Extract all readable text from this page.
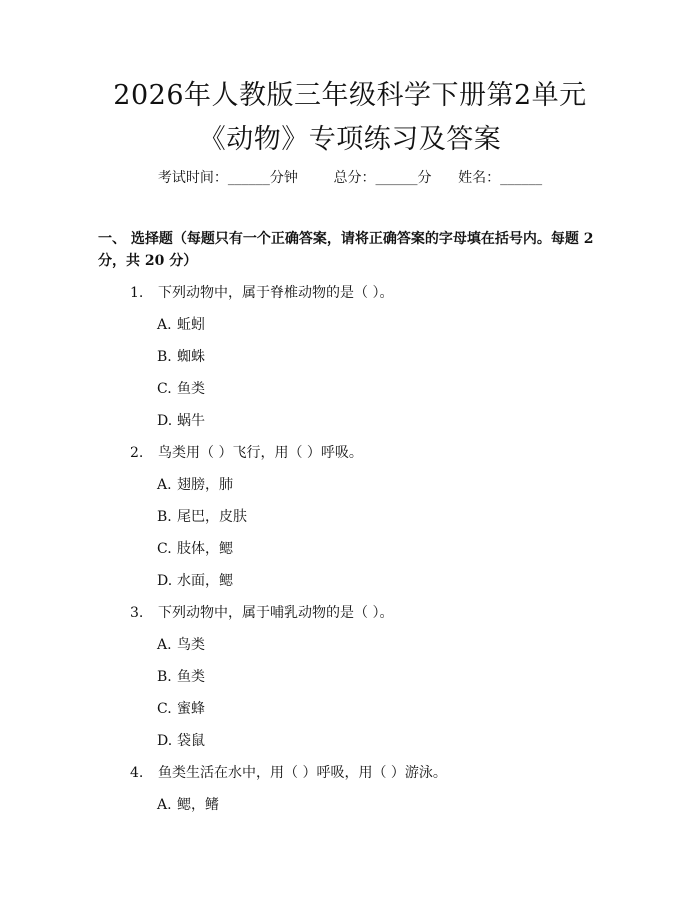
2026年人教版三年级科学下册第2单元《动物》专项练习及答案
考试时间：______分钟	总分：______分 姓名：______

一、 选择题（每题只有一个正确答案，请将正确答案的字母填在括号内。每题 2 分，共 20 分）

1. 下列动物中，属于脊椎动物的是（ ）。
A. 蚯蚓
B. 蜘蛛
C. 鱼类
D. 蜗牛
2. 鸟类用（ ）飞行，用（ ）呼吸。
A. 翅膀，肺
B. 尾巴，皮肤
C. 肢体，鳃
D. 水面，鳃
3. 下列动物中，属于哺乳动物的是（ ）。
A. 鸟类
B. 鱼类
C. 蜜蜂
D. 袋鼠
4. 鱼类生活在水中，用（ ）呼吸，用（ ）游泳。
A. 鳃，鳍
